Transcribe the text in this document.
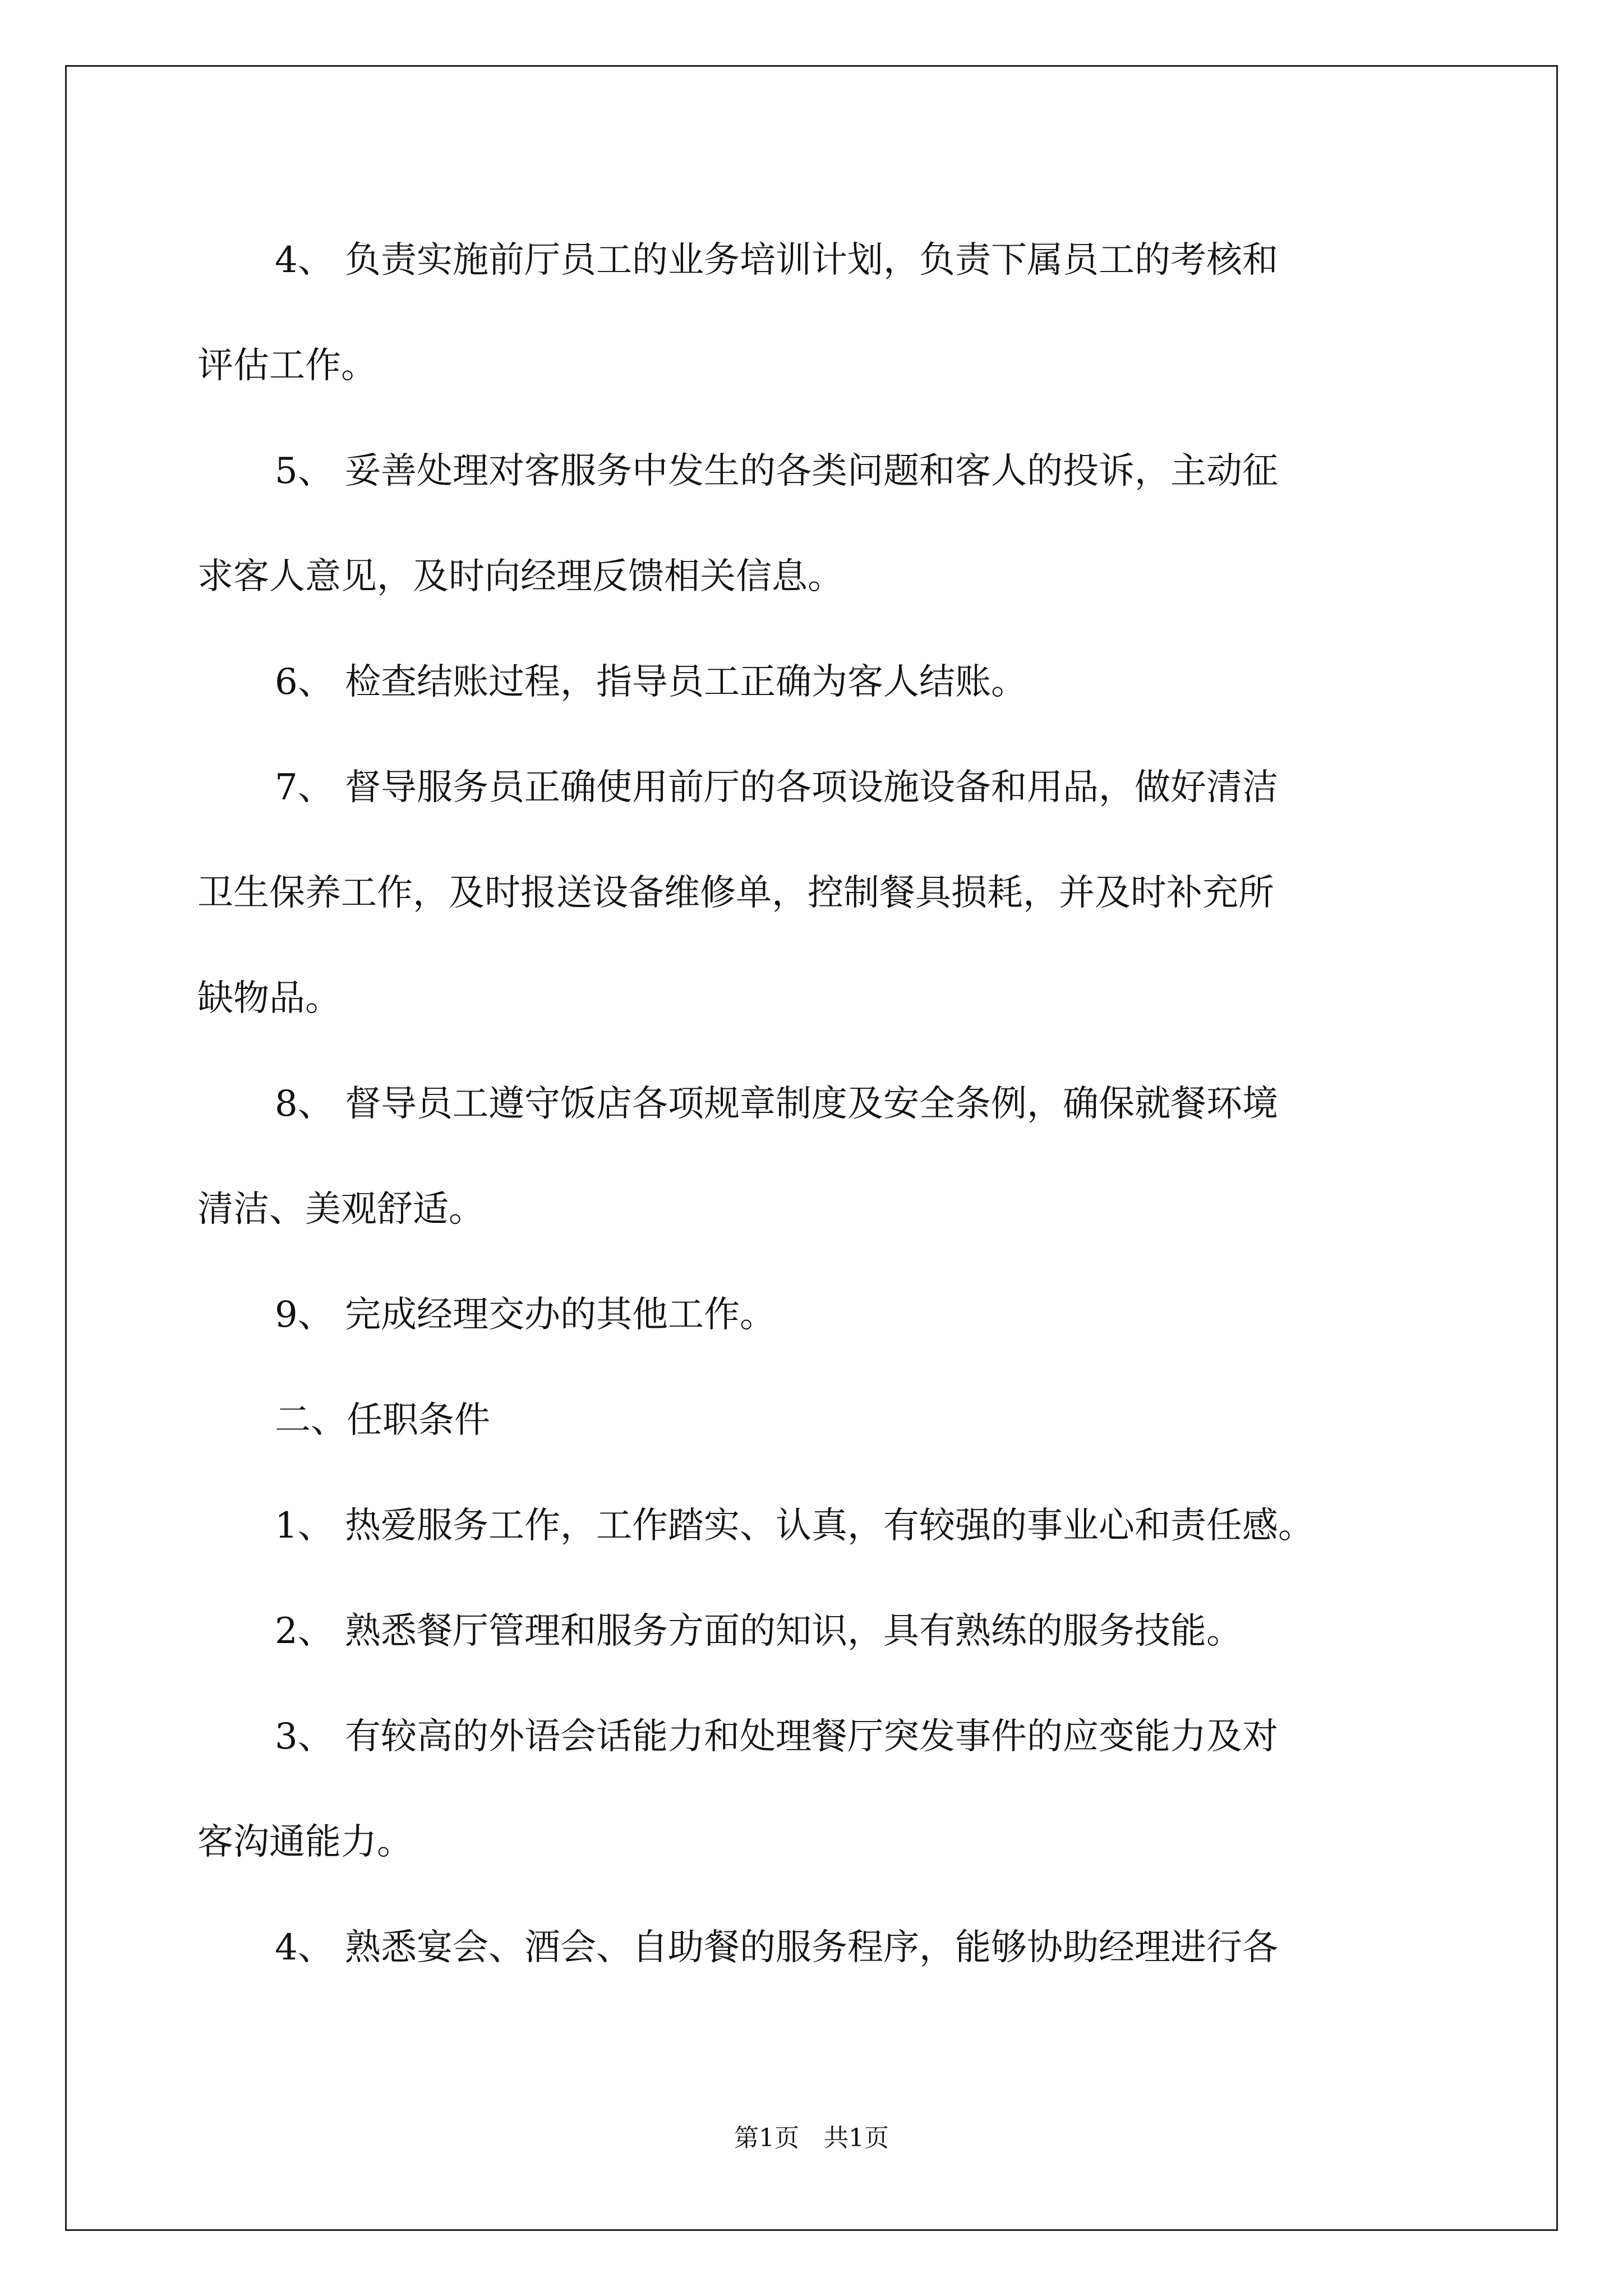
4、 负责实施前厅员工的业务培训计划，负责下属员工的考核和

评估工作。

5、 妥善处理对客服务中发生的各类问题和客人的投诉，主动征

求客人意见，及时向经理反馈相关信息。

6、 检查结账过程，指导员工正确为客人结账。

7、 督导服务员正确使用前厅的各项设施设备和用品，做好清洁

卫生保养工作，及时报送设备维修单，控制餐具损耗，并及时补充所

缺物品。

8、 督导员工遵守饭店各项规章制度及安全条例，确保就餐环境

清洁、美观舒适。

9、 完成经理交办的其他工作。

二、任职条件

1、 热爱服务工作，工作踏实、认真，有较强的事业心和责任感。

2、 熟悉餐厅管理和服务方面的知识，具有熟练的服务技能。

3、 有较高的外语会话能力和处理餐厅突发事件的应变能力及对

客沟通能力。

4、 熟悉宴会、酒会、自助餐的服务程序，能够协助经理进行各

第1页　共1页
